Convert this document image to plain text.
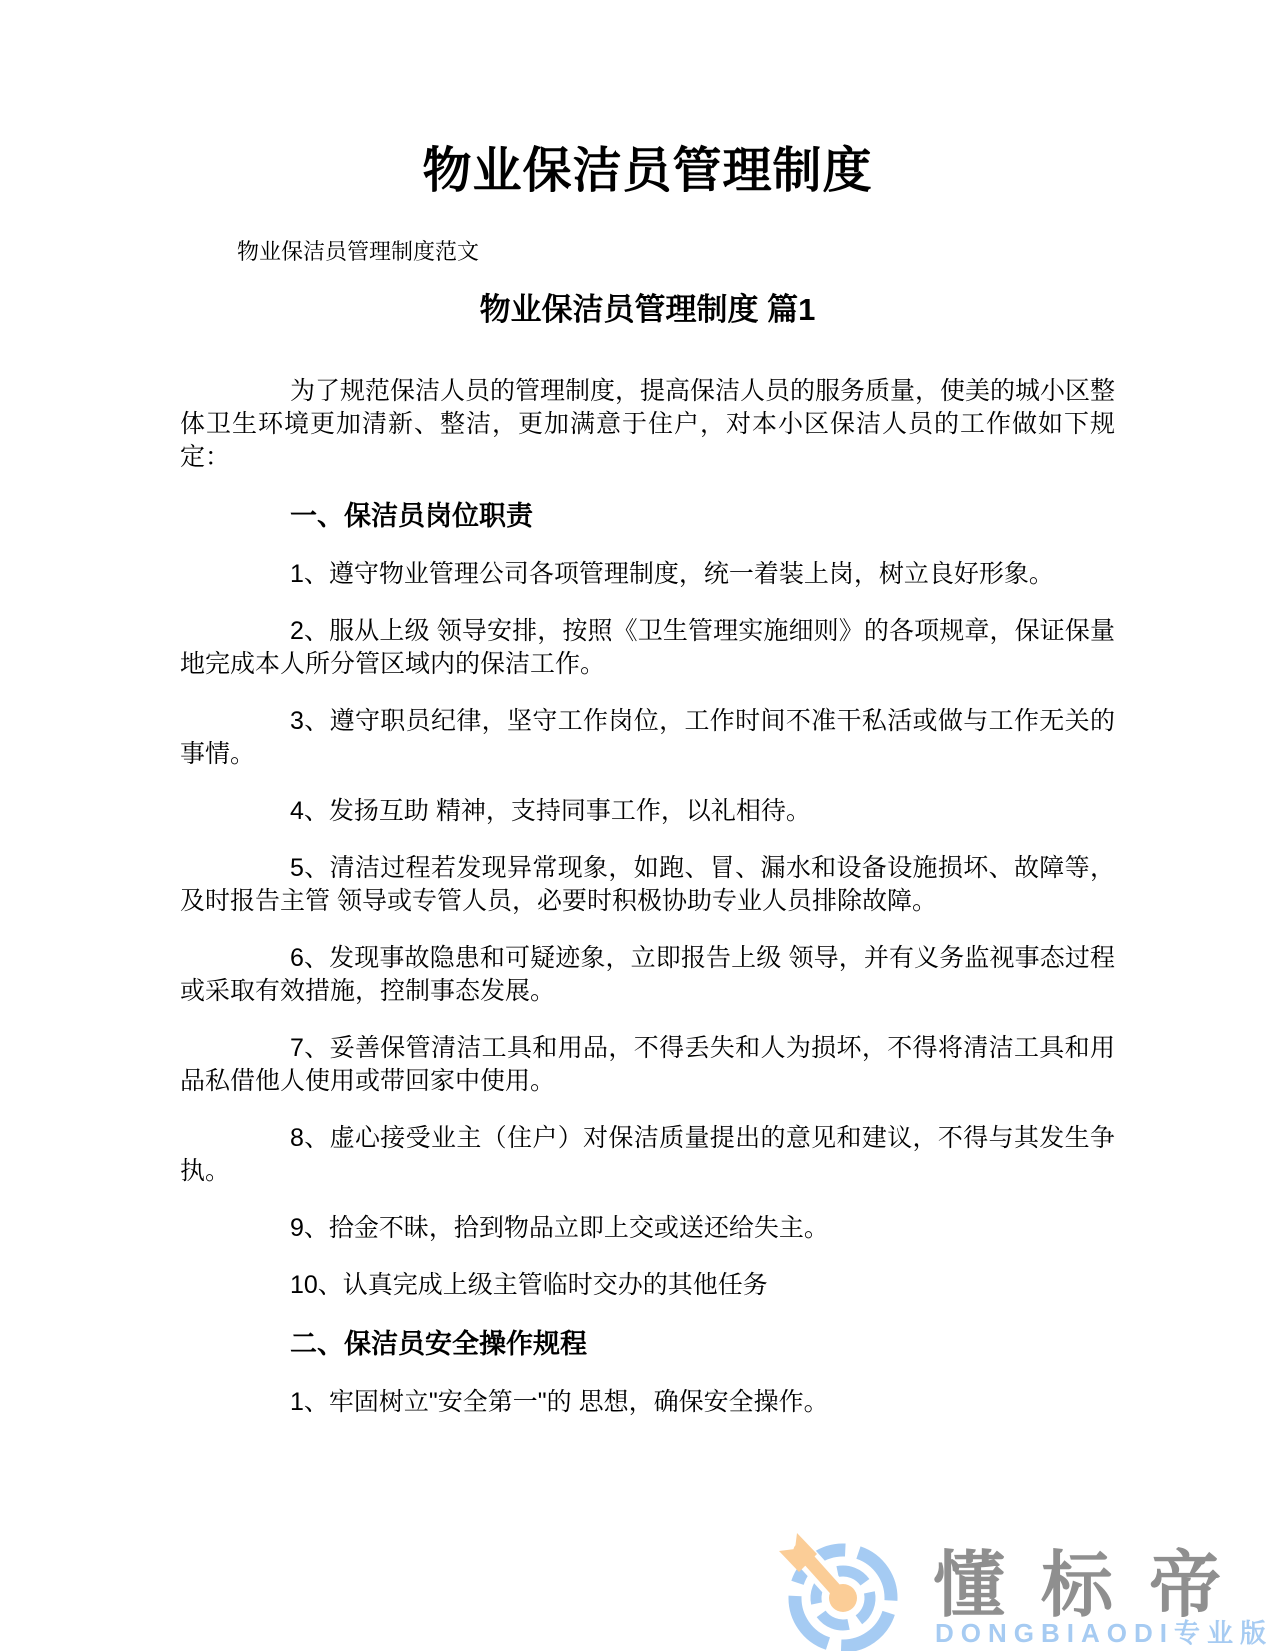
物业保洁员管理制度

物业保洁员管理制度范文

物业保洁员管理制度 篇1

为了规范保洁人员的管理制度，提高保洁人员的服务质量，使美的城小区整体卫生环境更加清新、整洁，更加满意于住户，对本小区保洁人员的工作做如下规定：

一、保洁员岗位职责

1、遵守物业管理公司各项管理制度，统一着装上岗，树立良好形象。

2、服从上级 领导安排，按照《卫生管理实施细则》的各项规章，保证保量地完成本人所分管区域内的保洁工作。

3、遵守职员纪律，坚守工作岗位，工作时间不准干私活或做与工作无关的事情。

4、发扬互助 精神，支持同事工作，以礼相待。

5、清洁过程若发现异常现象，如跑、冒、漏水和设备设施损坏、故障等，及时报告主管 领导或专管人员，必要时积极协助专业人员排除故障。

6、发现事故隐患和可疑迹象，立即报告上级 领导，并有义务监视事态过程或采取有效措施，控制事态发展。

7、妥善保管清洁工具和用品，不得丢失和人为损坏，不得将清洁工具和用品私借他人使用或带回家中使用。

8、虚心接受业主（住户）对保洁质量提出的意见和建议，不得与其发生争执。

9、拾金不昧，拾到物品立即上交或送还给失主。

10、认真完成上级主管临时交办的其他任务

二、保洁员安全操作规程

1、牢固树立"安全第一"的 思想，确保安全操作。

懂标帝
DONGBIAODI专业版
